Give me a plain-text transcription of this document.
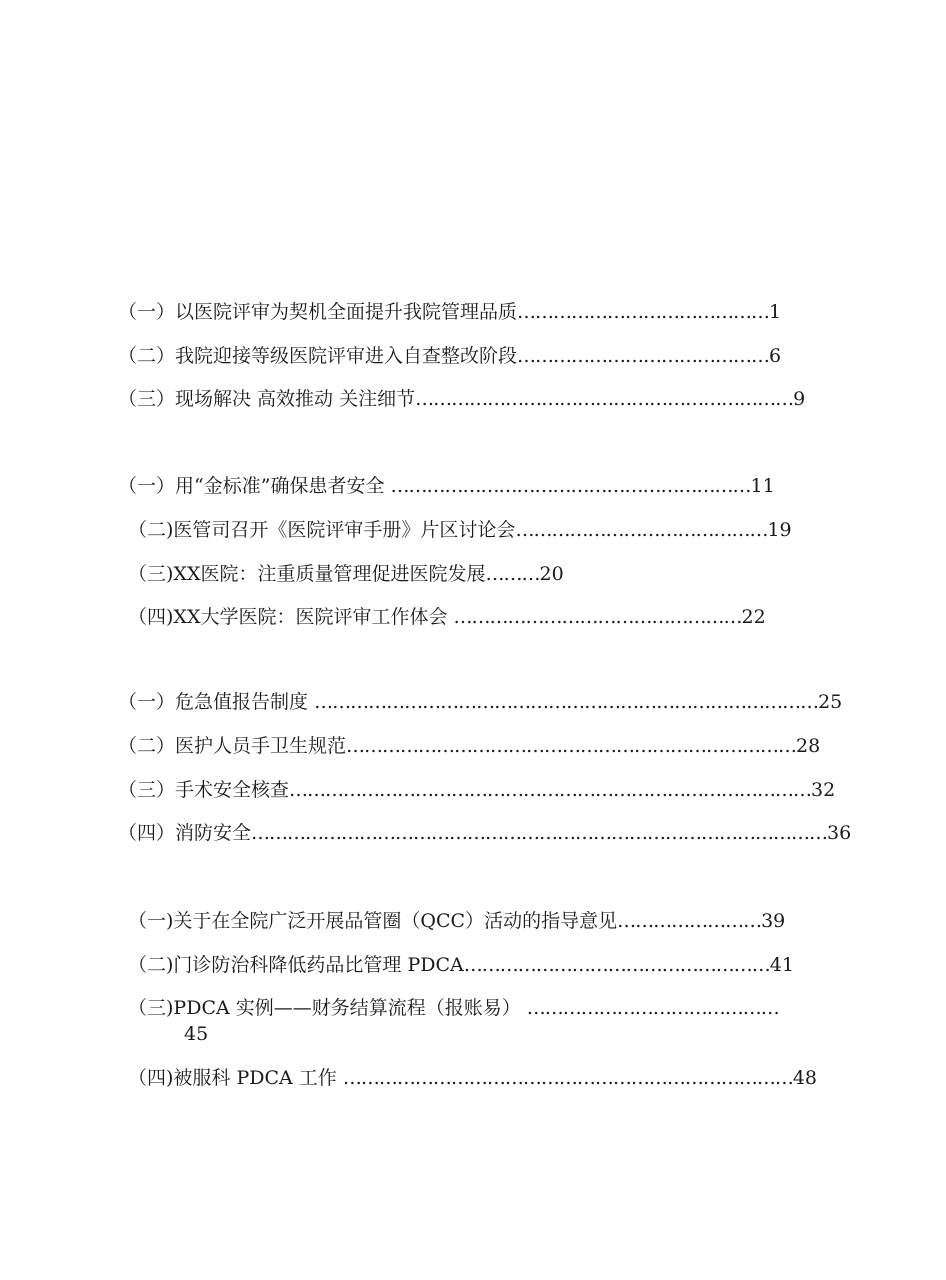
（一）以医院评审为契机全面提升我院管理品质……………………………………1
（二）我院迎接等级医院评审进入自查整改阶段……………………………………6
（三）现场解决 高效推动 关注细节………………………………………………………9
（一）用“金标准”确保患者安全 ……………………………………………………11
（二)医管司召开《医院评审手册》片区讨论会……………………………………19
（三)XX医院：注重质量管理促进医院发展………20
（四)XX大学医院：医院评审工作体会 …………………………………………22
（一）危急值报告制度 …………………………………………………………………………25
（二）医护人员手卫生规范…………………………………………………………………28
（三）手术安全核查……………………………………………………………………………32
（四）消防安全……………………………………………………………………………………36
（一)关于在全院广泛开展品管圈（QCC）活动的指导意见……………………39
（二)门诊防治科降低药品比管理 PDCA……………………………………………41
（三)PDCA 实例——财务结算流程（报账易） ……………………………………
45
（四)被服科 PDCA 工作 …………………………………………………………………48
